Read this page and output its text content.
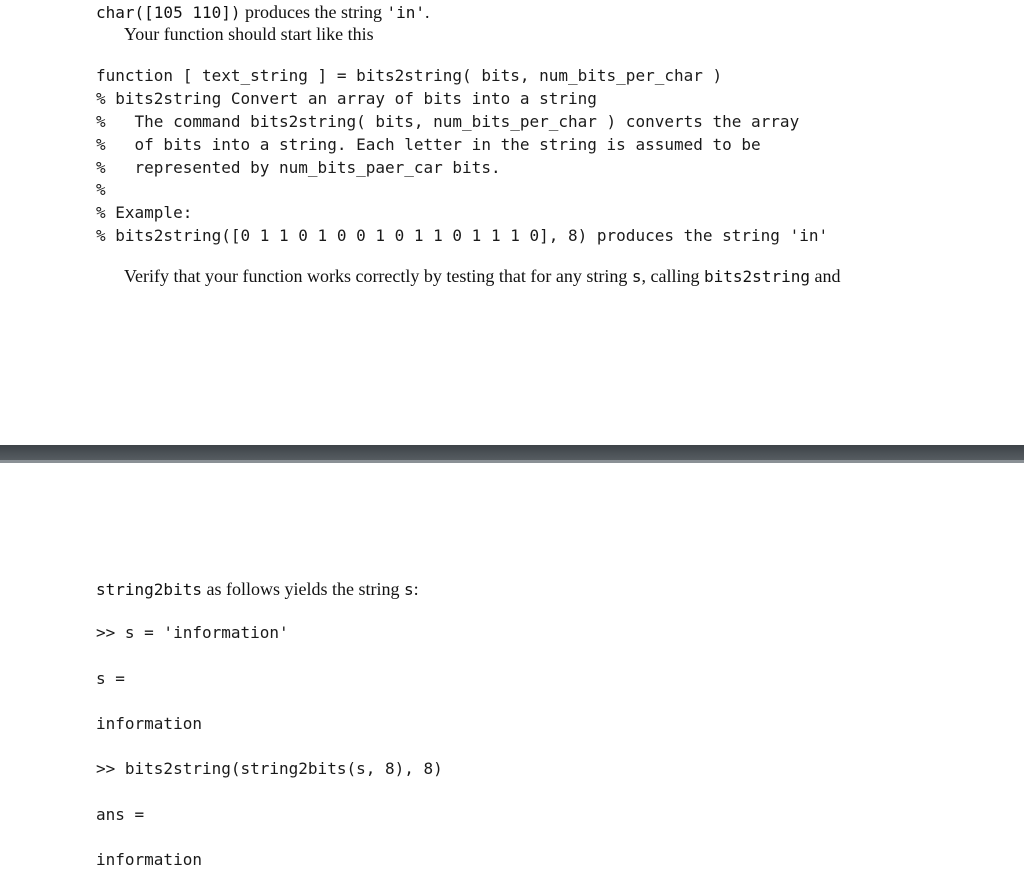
char([105 110]) produces the string 'in'.
Your function should start like this
function [ text_string ] = bits2string( bits, num_bits_per_char )
% bits2string Convert an array of bits into a string
%   The command bits2string( bits, num_bits_per_char ) converts the array
%   of bits into a string. Each letter in the string is assumed to be
%   represented by num_bits_paer_car bits.
%
% Example:
% bits2string([0 1 1 0 1 0 0 1 0 1 1 0 1 1 1 0], 8) produces the string 'in'
Verify that your function works correctly by testing that for any string s, calling bits2string and
string2bits as follows yields the string s:
>> s = 'information'
s =
information
>> bits2string(string2bits(s, 8), 8)
ans =
information
